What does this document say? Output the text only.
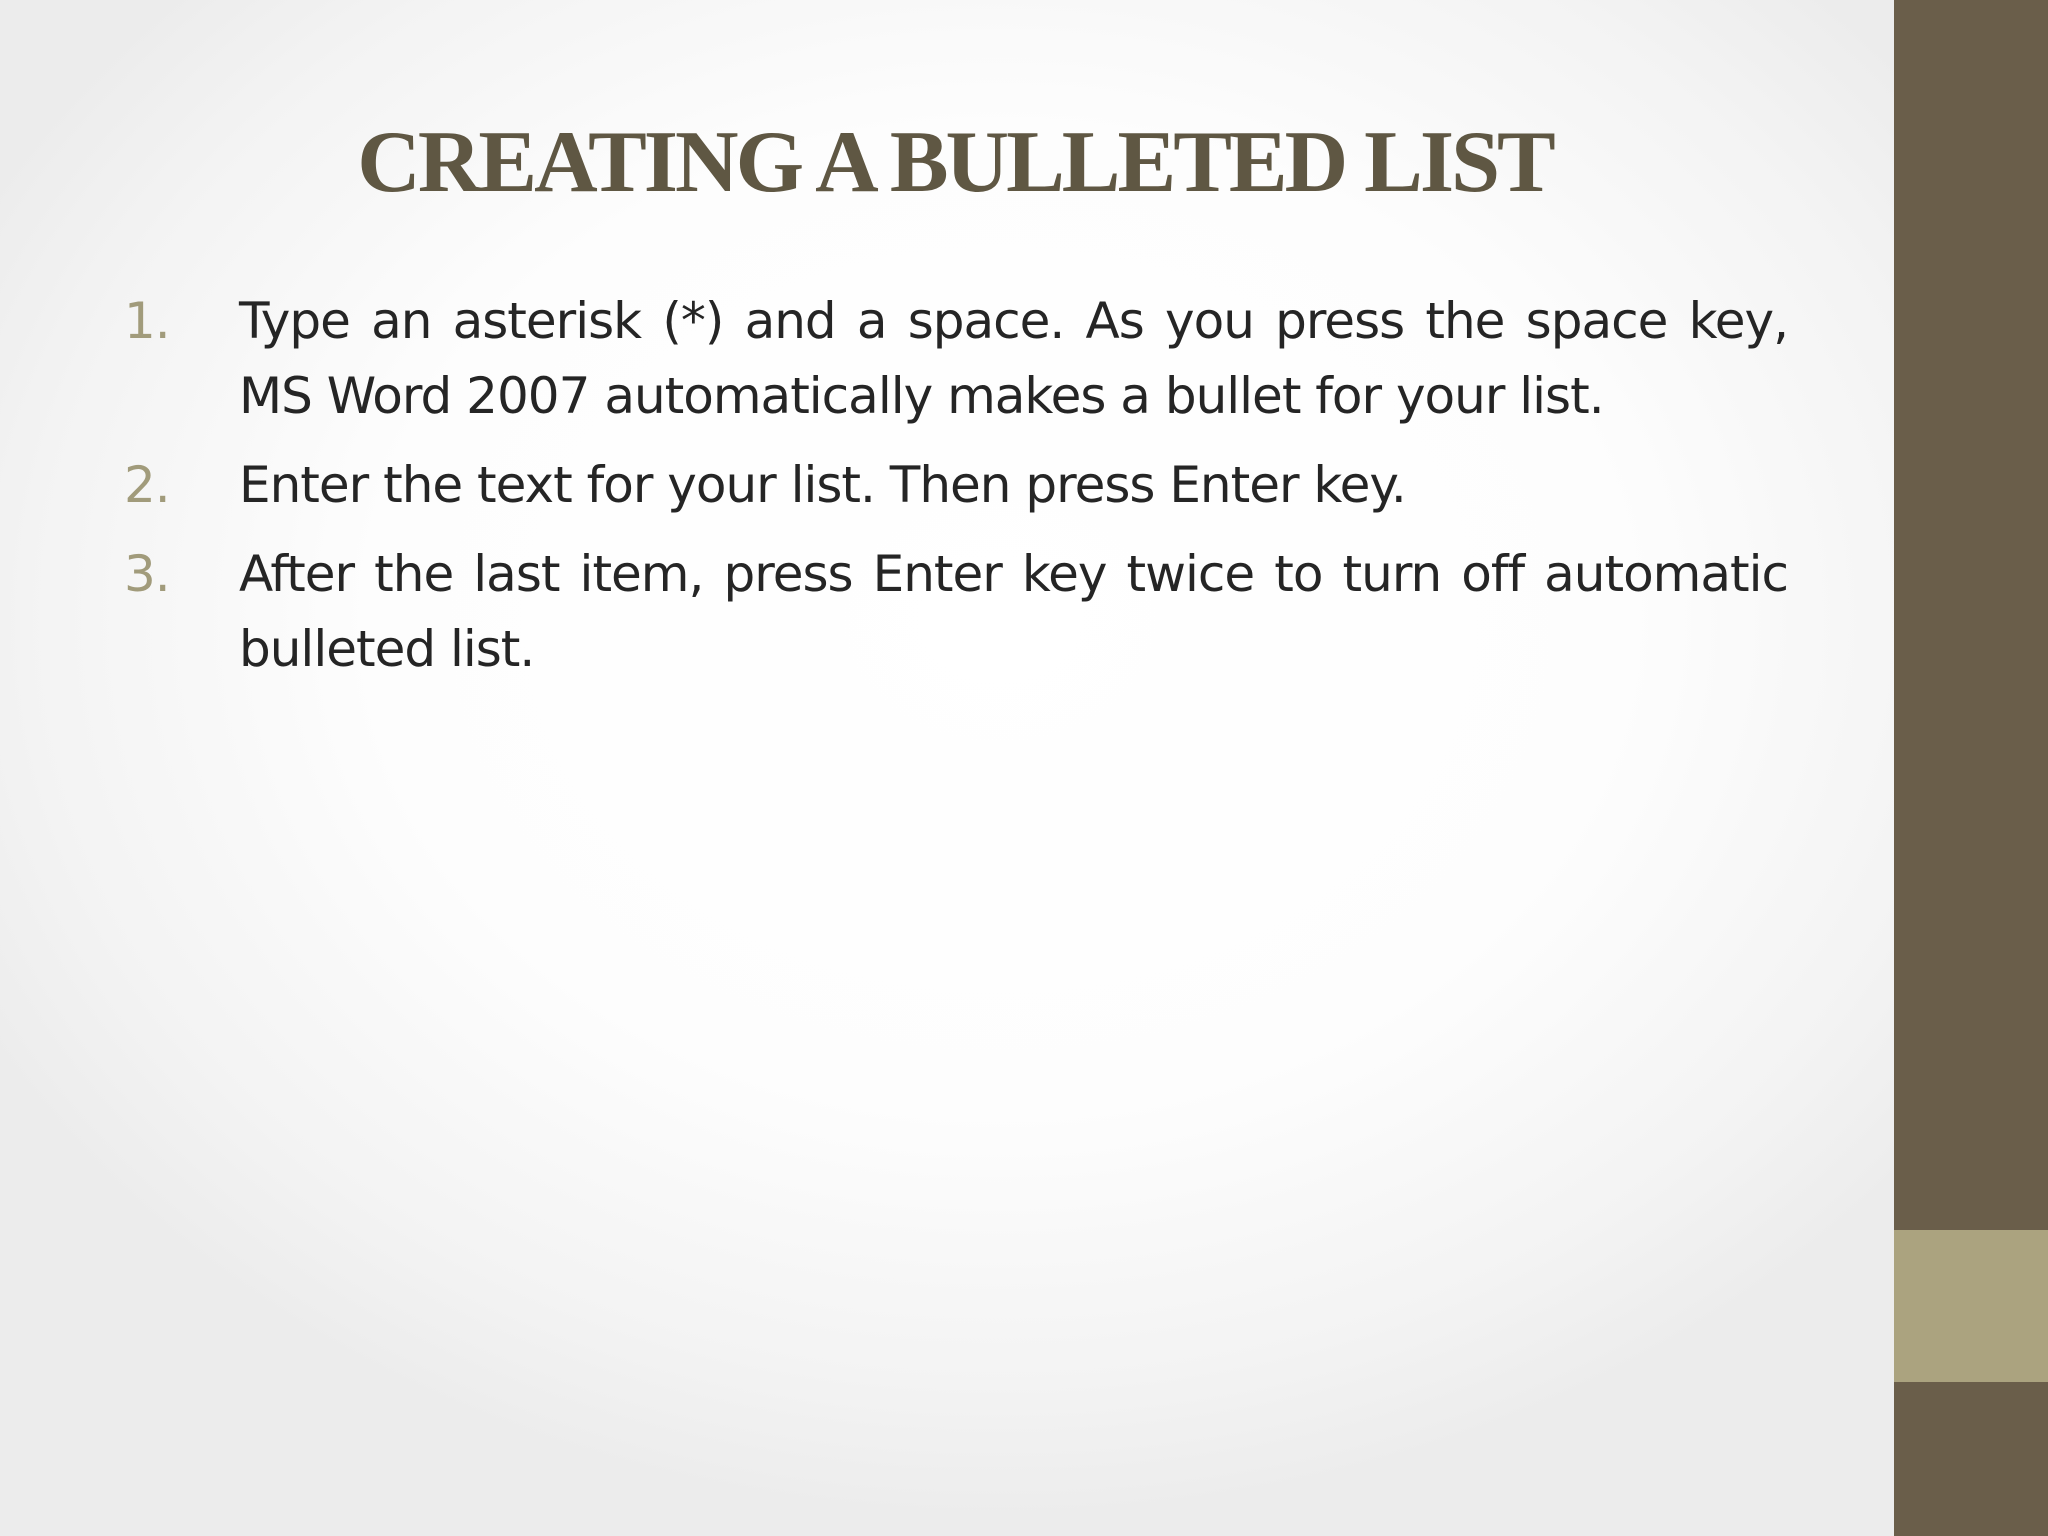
CREATING A BULLETED LIST
1. Type an asterisk (*) and a space. As you press the space key, MS Word 2007 automatically makes a bullet for your list.
2. Enter the text for your list. Then press Enter key.
3. After the last item, press Enter key twice to turn off automatic bulleted list.
